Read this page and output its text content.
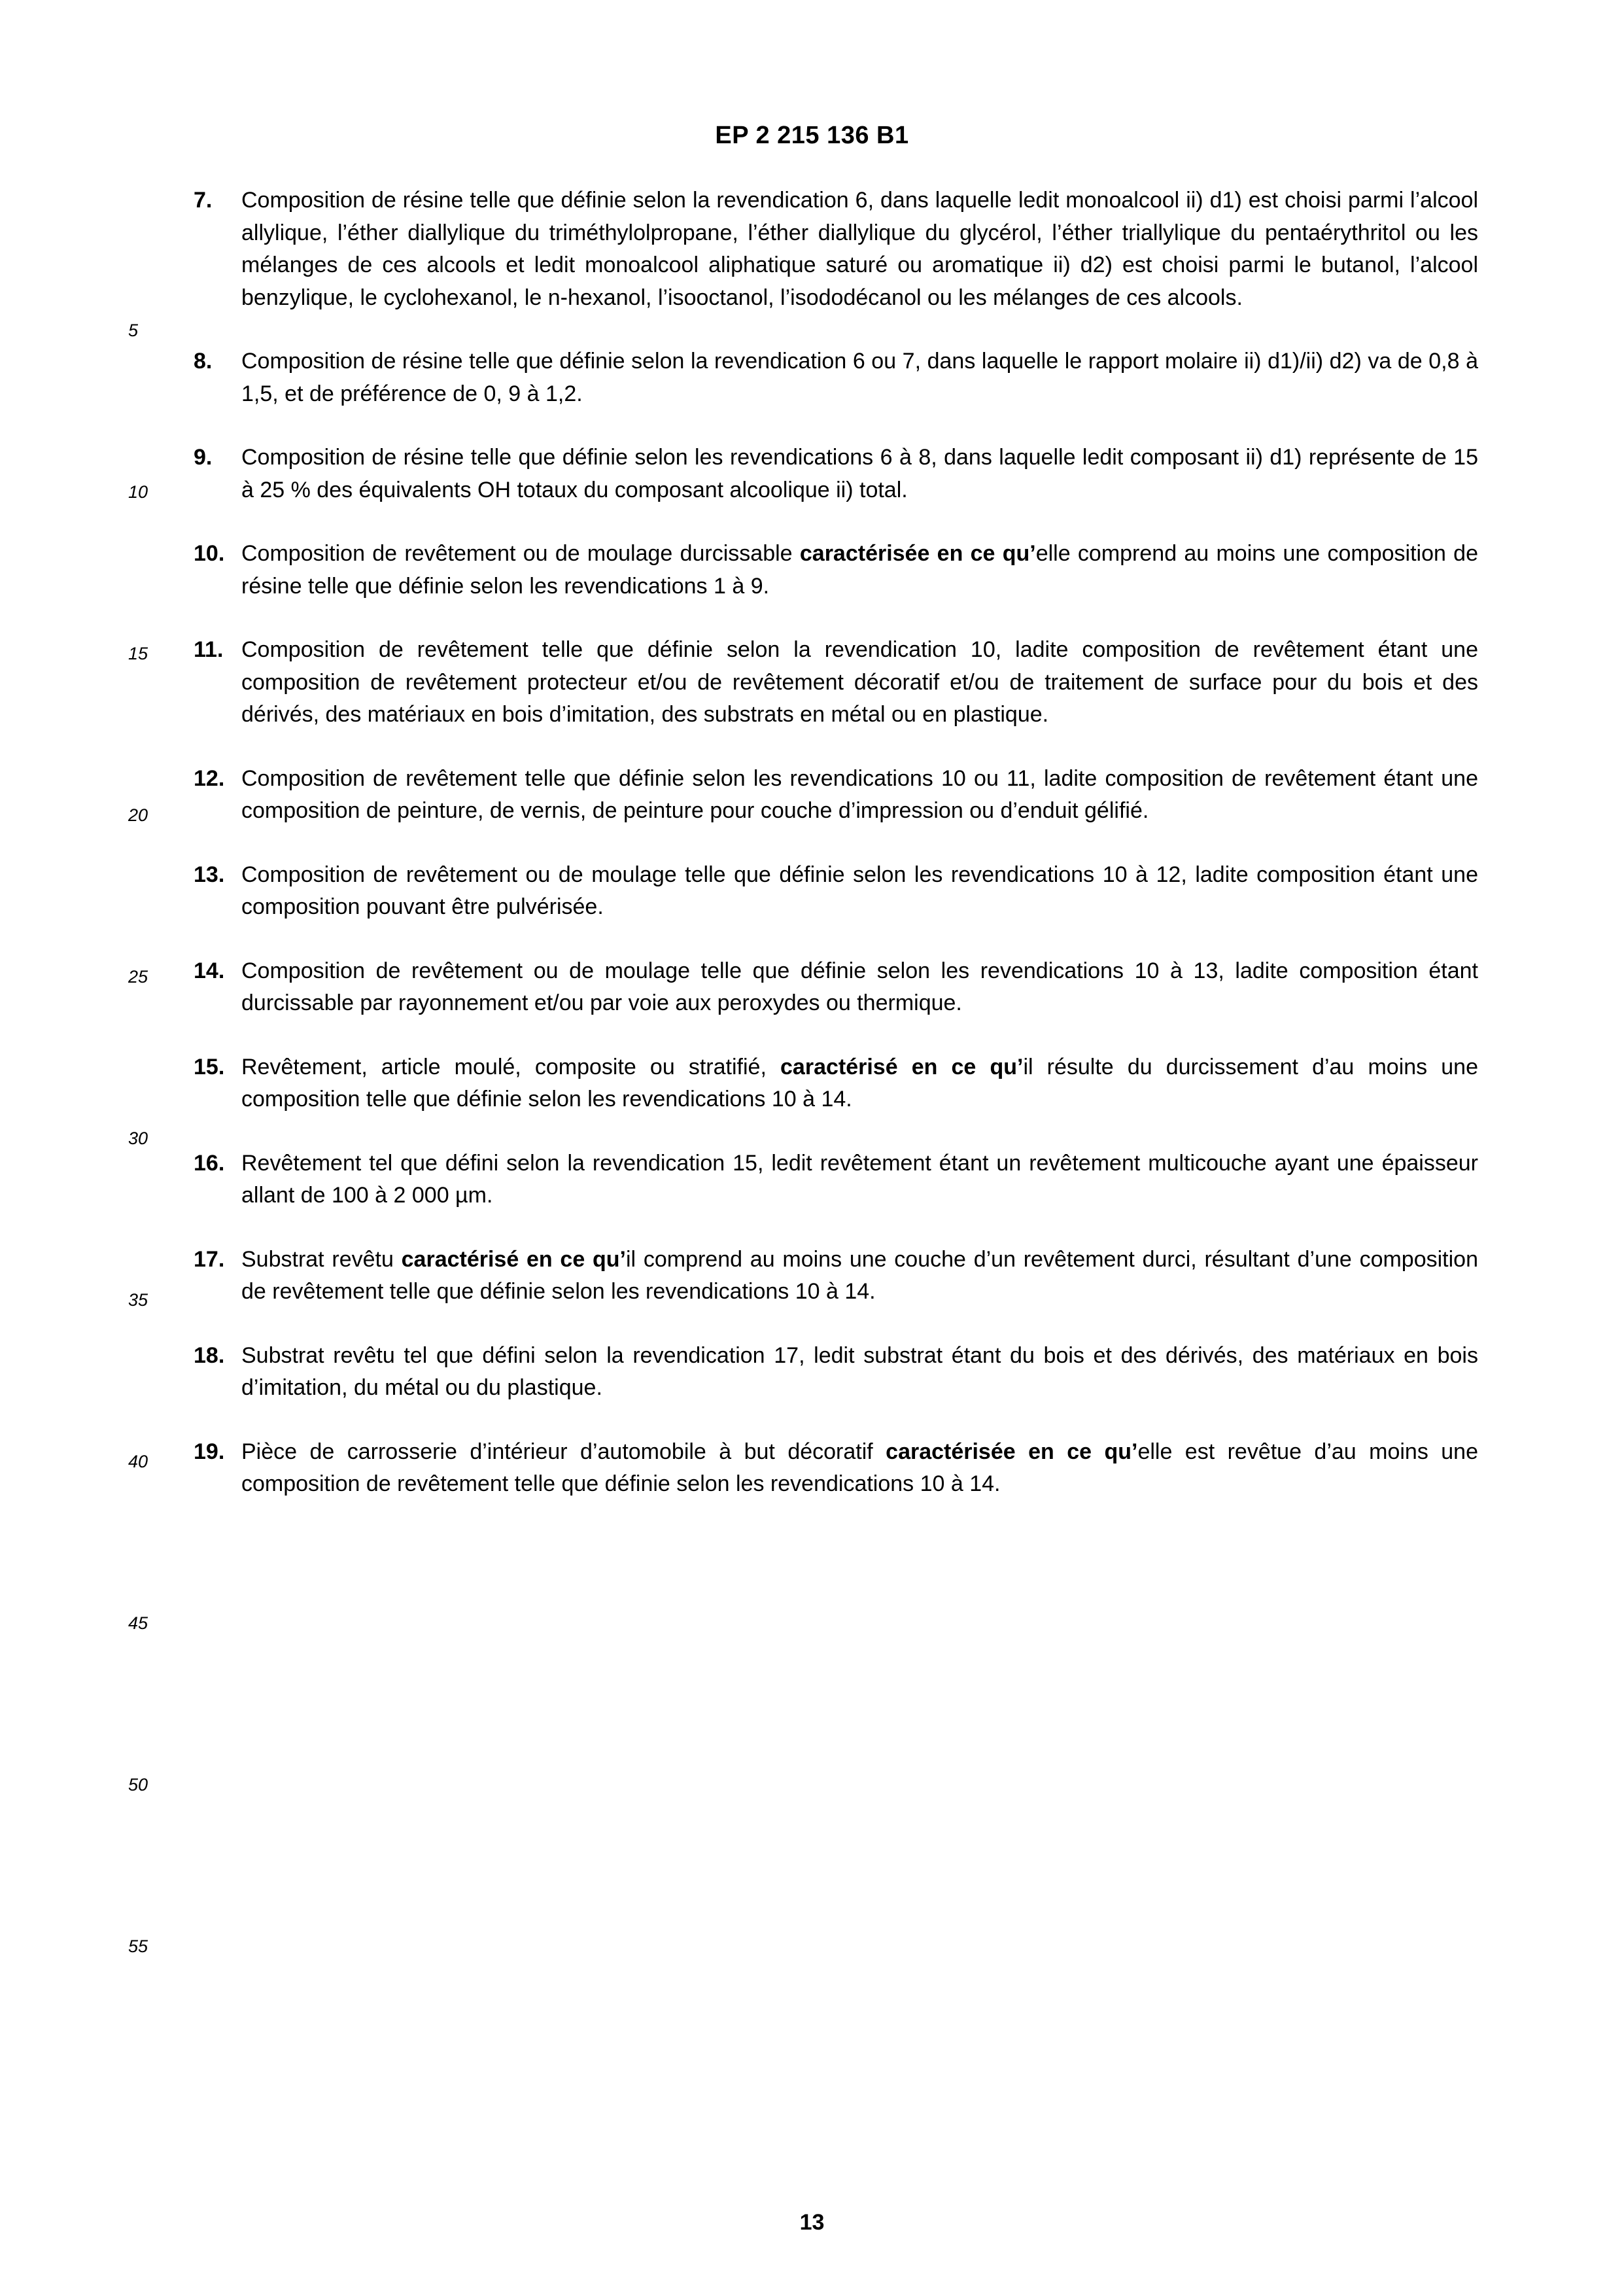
EP 2 215 136 B1
5
10
15
20
25
30
35
40
45
50
55
7. Composition de résine telle que définie selon la revendication 6, dans laquelle ledit monoalcool ii) d1) est choisi parmi l’alcool allylique, l’éther diallylique du triméthylolpropane, l’éther diallylique du glycérol, l’éther triallylique du pentaérythritol ou les mélanges de ces alcools et ledit monoalcool aliphatique saturé ou aromatique ii) d2) est choisi parmi le butanol, l’alcool benzylique, le cyclohexanol, le n-hexanol, l’isooctanol, l’isododécanol ou les mélanges de ces alcools.
8. Composition de résine telle que définie selon la revendication 6 ou 7, dans laquelle le rapport molaire ii) d1)/ii) d2) va de 0,8 à 1,5, et de préférence de 0, 9 à 1,2.
9. Composition de résine telle que définie selon les revendications 6 à 8, dans laquelle ledit composant ii) d1) représente de 15 à 25 % des équivalents OH totaux du composant alcoolique ii) total.
10. Composition de revêtement ou de moulage durcissable caractérisée en ce qu’elle comprend au moins une composition de résine telle que définie selon les revendications 1 à 9.
11. Composition de revêtement telle que définie selon la revendication 10, ladite composition de revêtement étant une composition de revêtement protecteur et/ou de revêtement décoratif et/ou de traitement de surface pour du bois et des dérivés, des matériaux en bois d’imitation, des substrats en métal ou en plastique.
12. Composition de revêtement telle que définie selon les revendications 10 ou 11, ladite composition de revêtement étant une composition de peinture, de vernis, de peinture pour couche d’impression ou d’enduit gélifié.
13. Composition de revêtement ou de moulage telle que définie selon les revendications 10 à 12, ladite composition étant une composition pouvant être pulvérisée.
14. Composition de revêtement ou de moulage telle que définie selon les revendications 10 à 13, ladite composition étant durcissable par rayonnement et/ou par voie aux peroxydes ou thermique.
15. Revêtement, article moulé, composite ou stratifié, caractérisé en ce qu’il résulte du durcissement d’au moins une composition telle que définie selon les revendications 10 à 14.
16. Revêtement tel que défini selon la revendication 15, ledit revêtement étant un revêtement multicouche ayant une épaisseur allant de 100 à 2 000 µm.
17. Substrat revêtu caractérisé en ce qu’il comprend au moins une couche d’un revêtement durci, résultant d’une composition de revêtement telle que définie selon les revendications 10 à 14.
18. Substrat revêtu tel que défini selon la revendication 17, ledit substrat étant du bois et des dérivés, des matériaux en bois d’imitation, du métal ou du plastique.
19. Pièce de carrosserie d’intérieur d’automobile à but décoratif caractérisée en ce qu’elle est revêtue d’au moins une composition de revêtement telle que définie selon les revendications 10 à 14.
13
